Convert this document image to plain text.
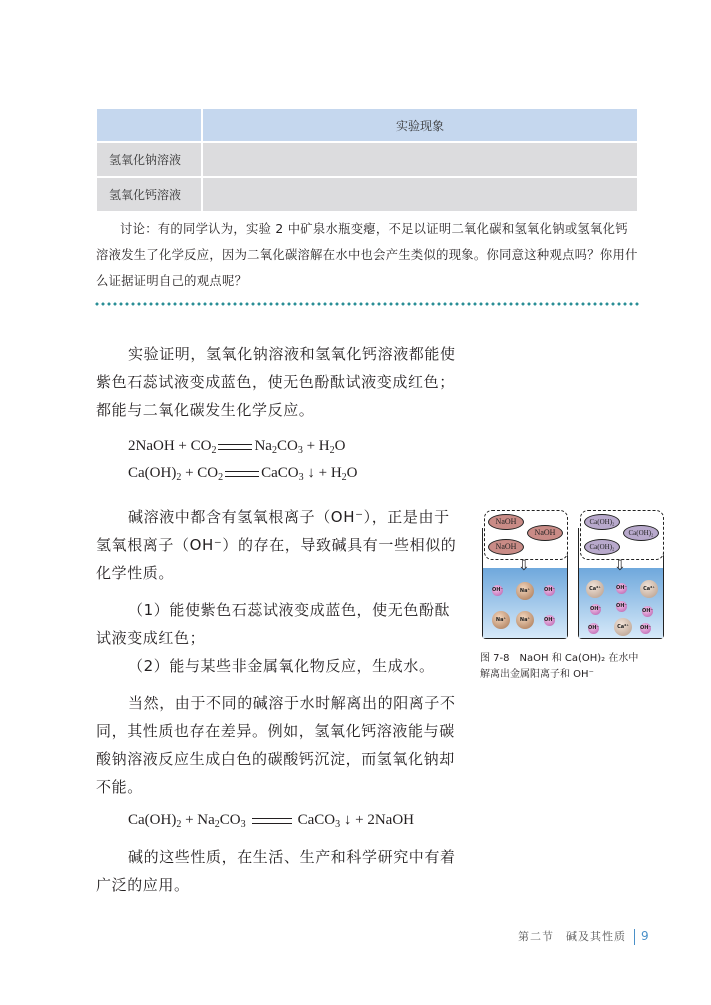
	实验现象
氢氧化钠溶液	
氢氧化钙溶液	
讨论：有的同学认为，实验 2 中矿泉水瓶变瘪，不足以证明二氧化碳和氢氧化钠或氢氧化钙溶液发生了化学反应，因为二氧化碳溶解在水中也会产生类似的现象。你同意这种观点吗？你用什么证据证明自己的观点呢？
实验证明，氢氧化钠溶液和氢氧化钙溶液都能使紫色石蕊试液变成蓝色，使无色酚酞试液变成红色；都能与二氧化碳发生化学反应。
2NaOH + $CO_2$	$Na_2CO_3 + H_2O$
$Ca(OH)_2 + CO_2$	CaCO$_3$ ↓ + $H_2O$
碱溶液中都含有氢氧根离子（OH⁻），正是由于氢氧根离子（OH⁻）的存在，导致碱具有一些相似的化学性质。
（1）能使紫色石蕊试液变成蓝色，使无色酚酞试液变成红色；
（2）能与某些非金属氧化物反应，生成水。
当然，由于不同的碱溶于水时解离出的阳离子不同，其性质也存在差异。例如，氢氧化钙溶液能与碳酸钠溶液反应生成白色的碳酸钙沉淀，而氢氧化钠却不能。
$Ca(OH)_2 + Na_2CO_3$	CaCO$_3$ ↓ + 2NaOH
碱的这些性质，在生活、生产和科学研究中有着广泛的应用。
NaOH
NaOH
NaOH
⇩
OH⁻	Na⁺	OH⁻
Na⁺	Na⁺	OH⁻
Ca(OH)₂
Ca(OH)₂
Ca(OH)₂
⇩
Ca²⁺	OH⁻	Ca²⁺
OH⁻	OH⁻
OH⁻
OH⁻	Ca²⁺	OH⁻
图 7-8　NaOH 和 Ca(OH)₂ 在水中
解离出金属阳离子和 OH⁻
第二节　碱及其性质 9
